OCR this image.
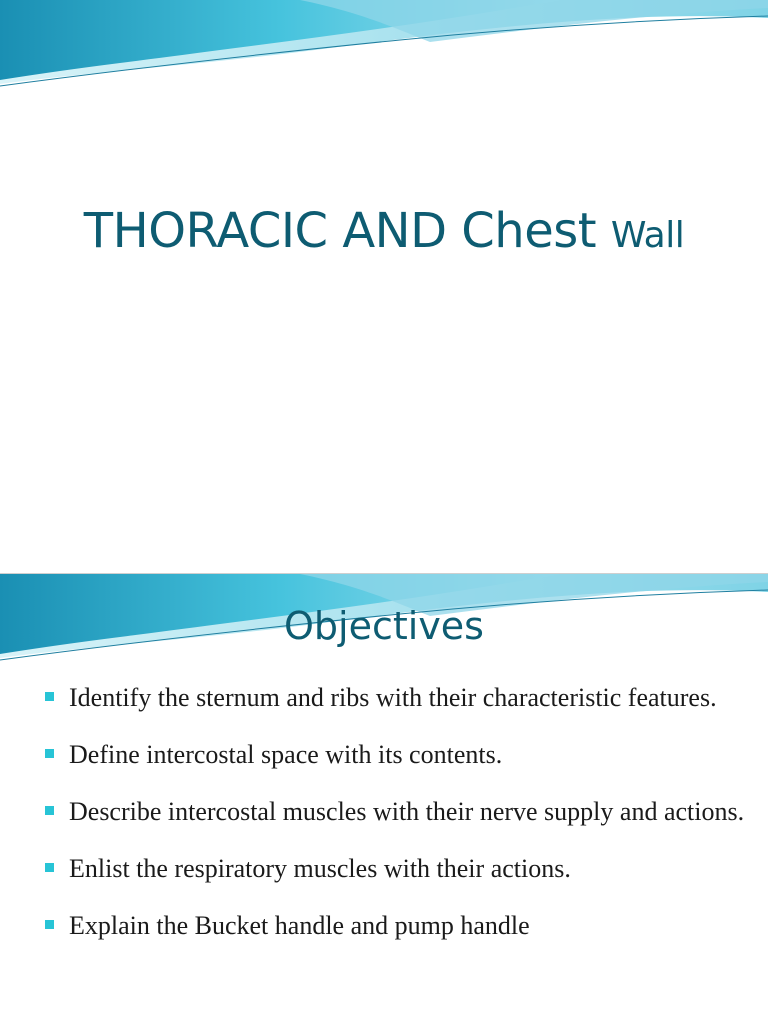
THORACIC AND Chest Wall
Objectives
Identify the sternum and ribs with their characteristic features.
Define intercostal space with its contents.
Describe intercostal muscles with their nerve supply and actions.
Enlist the respiratory muscles with their actions.
Explain the Bucket handle and pump handle
